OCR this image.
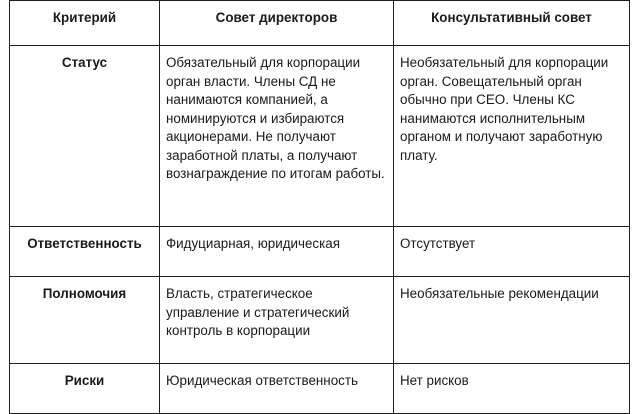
Критерий	Совет директоров	Консультативный совет
Статус	Обязательный для корпорации орган власти. Члены СД не нанимаются компанией, а номинируются и избираются акционерами. Не получают заработной платы, а получают вознаграждение по итогам работы.	Необязательный для корпорации орган. Совещательный орган обычно при CEO. Члены КС нанимаются исполнительным органом и получают заработную плату.
Ответственность	Фидуциарная, юридическая	Отсутствует
Полномочия	Власть, стратегическое управление и стратегический контроль в корпорации	Необязательные рекомендации
Риски	Юридическая ответственность	Нет рисков
